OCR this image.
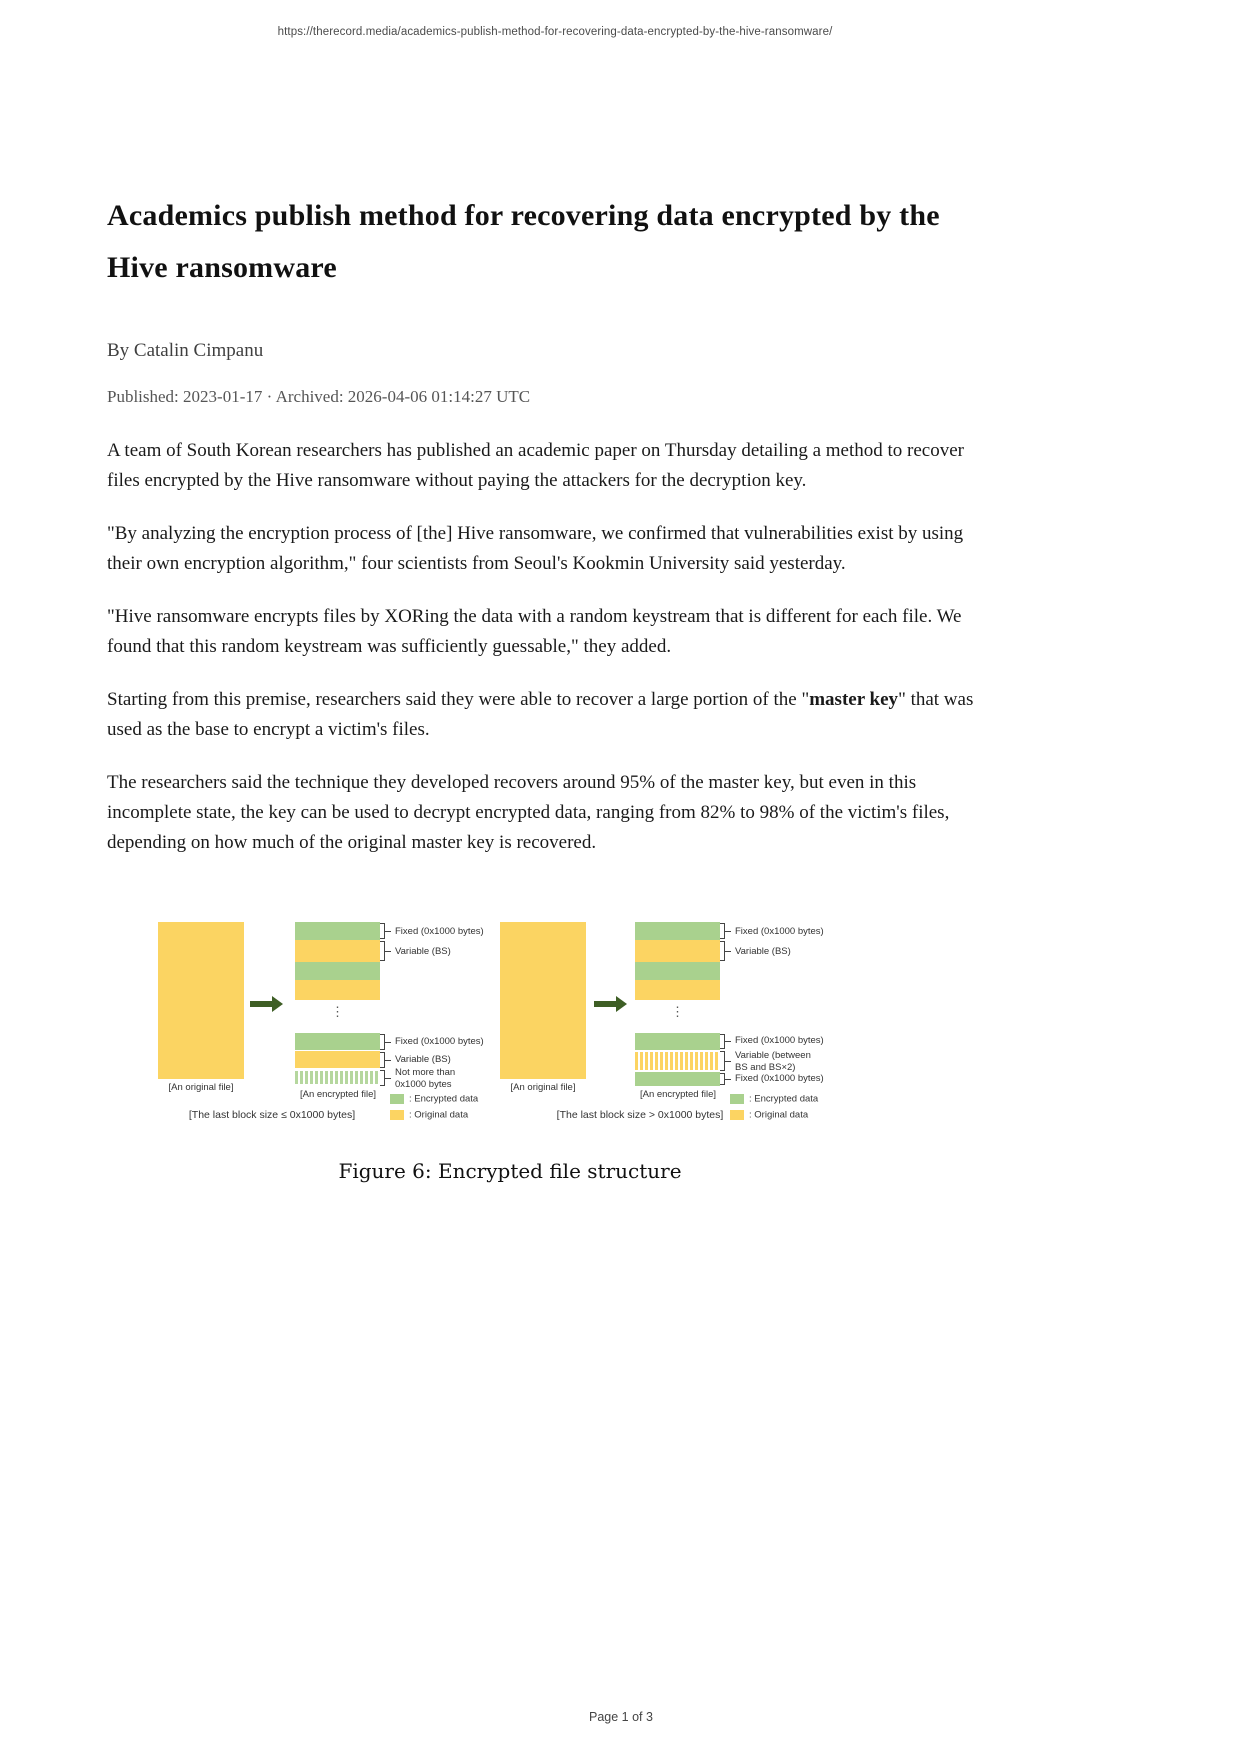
https://therecord.media/academics-publish-method-for-recovering-data-encrypted-by-the-hive-ransomware/
Academics publish method for recovering data encrypted by the Hive ransomware
By Catalin Cimpanu
Published: 2023-01-17 · Archived: 2026-04-06 01:14:27 UTC

A team of South Korean researchers has published an academic paper on Thursday detailing a method to recover files encrypted by the Hive ransomware without paying the attackers for the decryption key.

"By analyzing the encryption process of [the] Hive ransomware, we confirmed that vulnerabilities exist by using their own encryption algorithm," four scientists from Seoul's Kookmin University said yesterday.

"Hive ransomware encrypts files by XORing the data with a random keystream that is different for each file. We found that this random keystream was sufficiently guessable," they added.

Starting from this premise, researchers said they were able to recover a large portion of the "master key" that was used as the base to encrypt a victim's files.

The researchers said the technique they developed recovers around 95% of the master key, but even in this incomplete state, the key can be used to decrypt encrypted data, ranging from 82% to 98% of the victim's files, depending on how much of the original master key is recovered.

[An original file]
⋮
[An encrypted file]
Fixed (0x1000 bytes)
Variable (BS)
Fixed (0x1000 bytes)
Variable (BS)
Not more than 0x1000 bytes
: Encrypted data
: Original data
[The last block size ≤ 0x1000 bytes]
[An original file]
⋮
[An encrypted file]
Fixed (0x1000 bytes)
Variable (BS)
Fixed (0x1000 bytes)
Variable (between BS and BS×2)
Fixed (0x1000 bytes)
: Encrypted data
: Original data
[The last block size > 0x1000 bytes]
Figure 6: Encrypted file structure
Page 1 of 3
